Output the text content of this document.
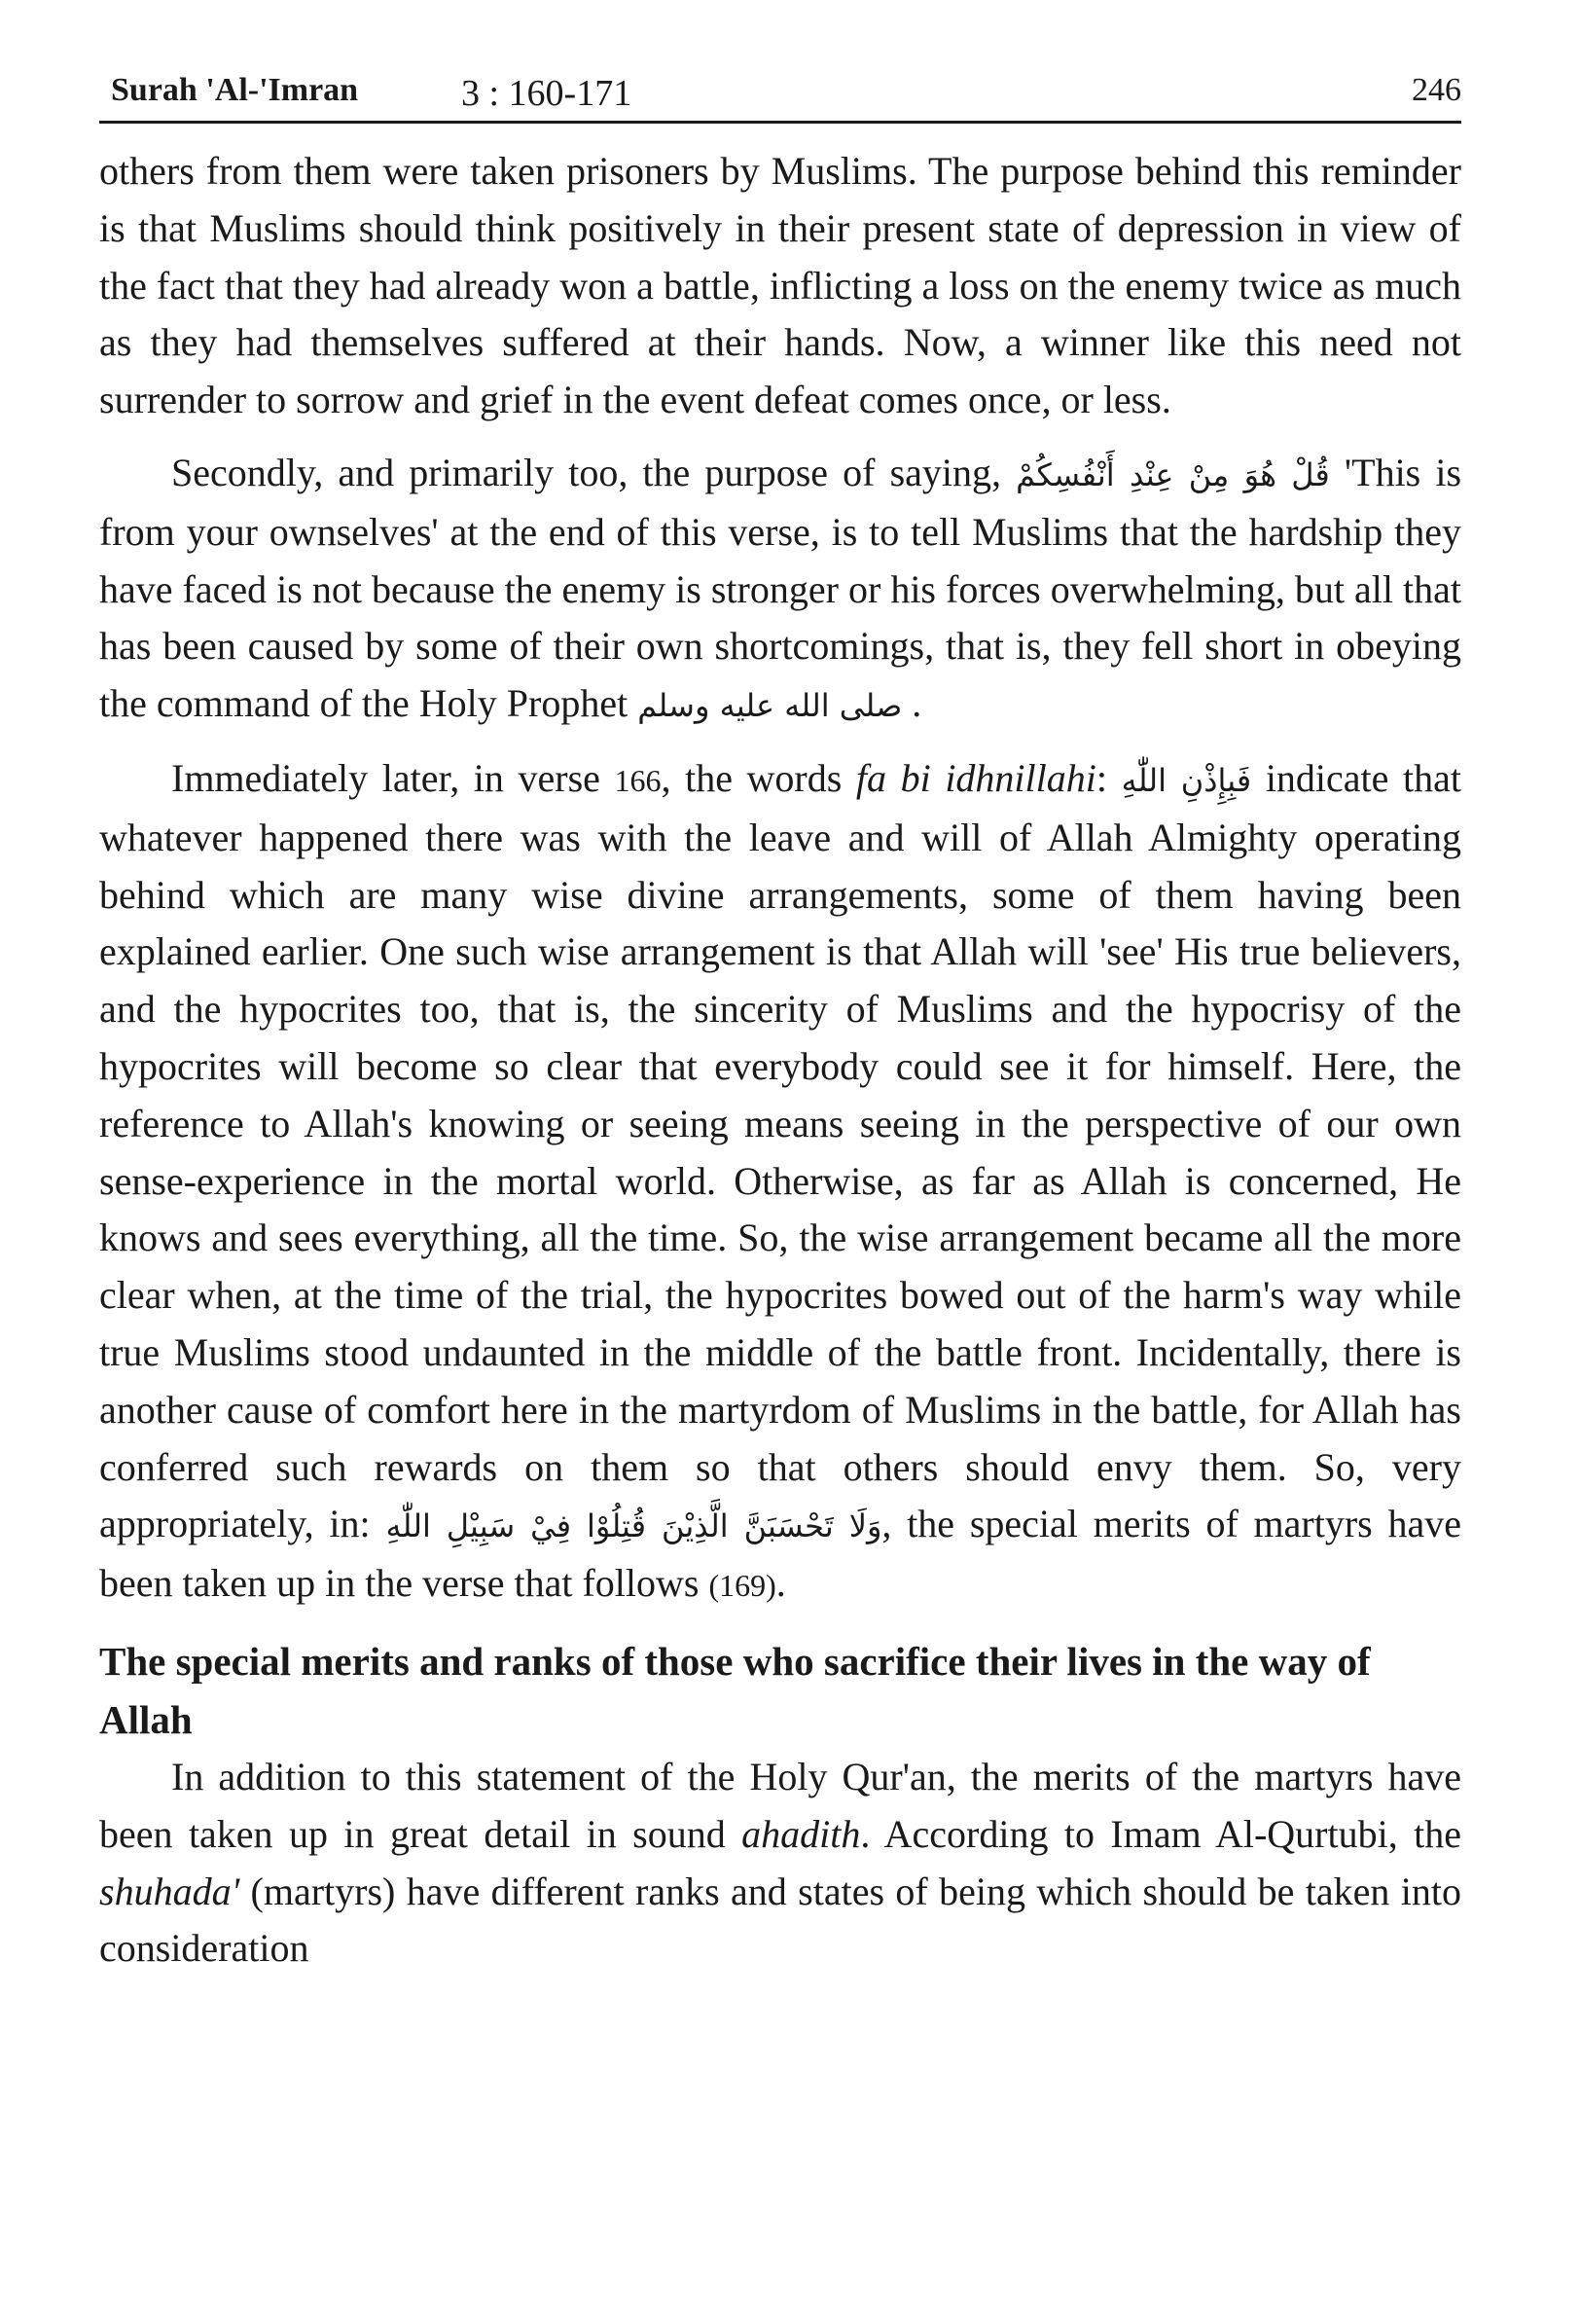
Surah 'Al-'Imran	3 : 160-171	246

others from them were taken prisoners by Muslims. The purpose behind this reminder is that Muslims should think positively in their present state of depression in view of the fact that they had already won a battle, inflicting a loss on the enemy twice as much as they had themselves suffered at their hands. Now, a winner like this need not surrender to sorrow and grief in the event defeat comes once, or less.

Secondly, and primarily too, the purpose of saying, قُلْ هُوَ مِنْ عِنْدِ أَنْفُسِكُمْ 'This is from your ownselves' at the end of this verse, is to tell Muslims that the hardship they have faced is not because the enemy is stronger or his forces overwhelming, but all that has been caused by some of their own shortcomings, that is, they fell short in obeying the command of the Holy Prophet صلى الله عليه وسلم .

Immediately later, in verse 166, the words fa bi idhnillahi: فَبِإِذْنِ اللّٰهِ indicate that whatever happened there was with the leave and will of Allah Almighty operating behind which are many wise divine arrangements, some of them having been explained earlier. One such wise arrangement is that Allah will 'see' His true believers, and the hypocrites too, that is, the sincerity of Muslims and the hypocrisy of the hypocrites will become so clear that everybody could see it for himself. Here, the reference to Allah's knowing or seeing means seeing in the perspective of our own sense-experience in the mortal world. Otherwise, as far as Allah is concerned, He knows and sees everything, all the time. So, the wise arrangement became all the more clear when, at the time of the trial, the hypocrites bowed out of the harm's way while true Muslims stood undaunted in the middle of the battle front. Incidentally, there is another cause of comfort here in the martyrdom of Muslims in the battle, for Allah has conferred such rewards on them so that others should envy them. So, very appropriately, in: وَلَا تَحْسَبَنَّ الَّذِيْنَ قُتِلُوْا فِيْ سَبِيْلِ اللّٰهِ, the special merits of martyrs have been taken up in the verse that follows (169).

The special merits and ranks of those who sacrifice their lives in the way of Allah

In addition to this statement of the Holy Qur'an, the merits of the martyrs have been taken up in great detail in sound ahadith. According to Imam Al-Qurtubi, the shuhada' (martyrs) have different ranks and states of being which should be taken into consideration
